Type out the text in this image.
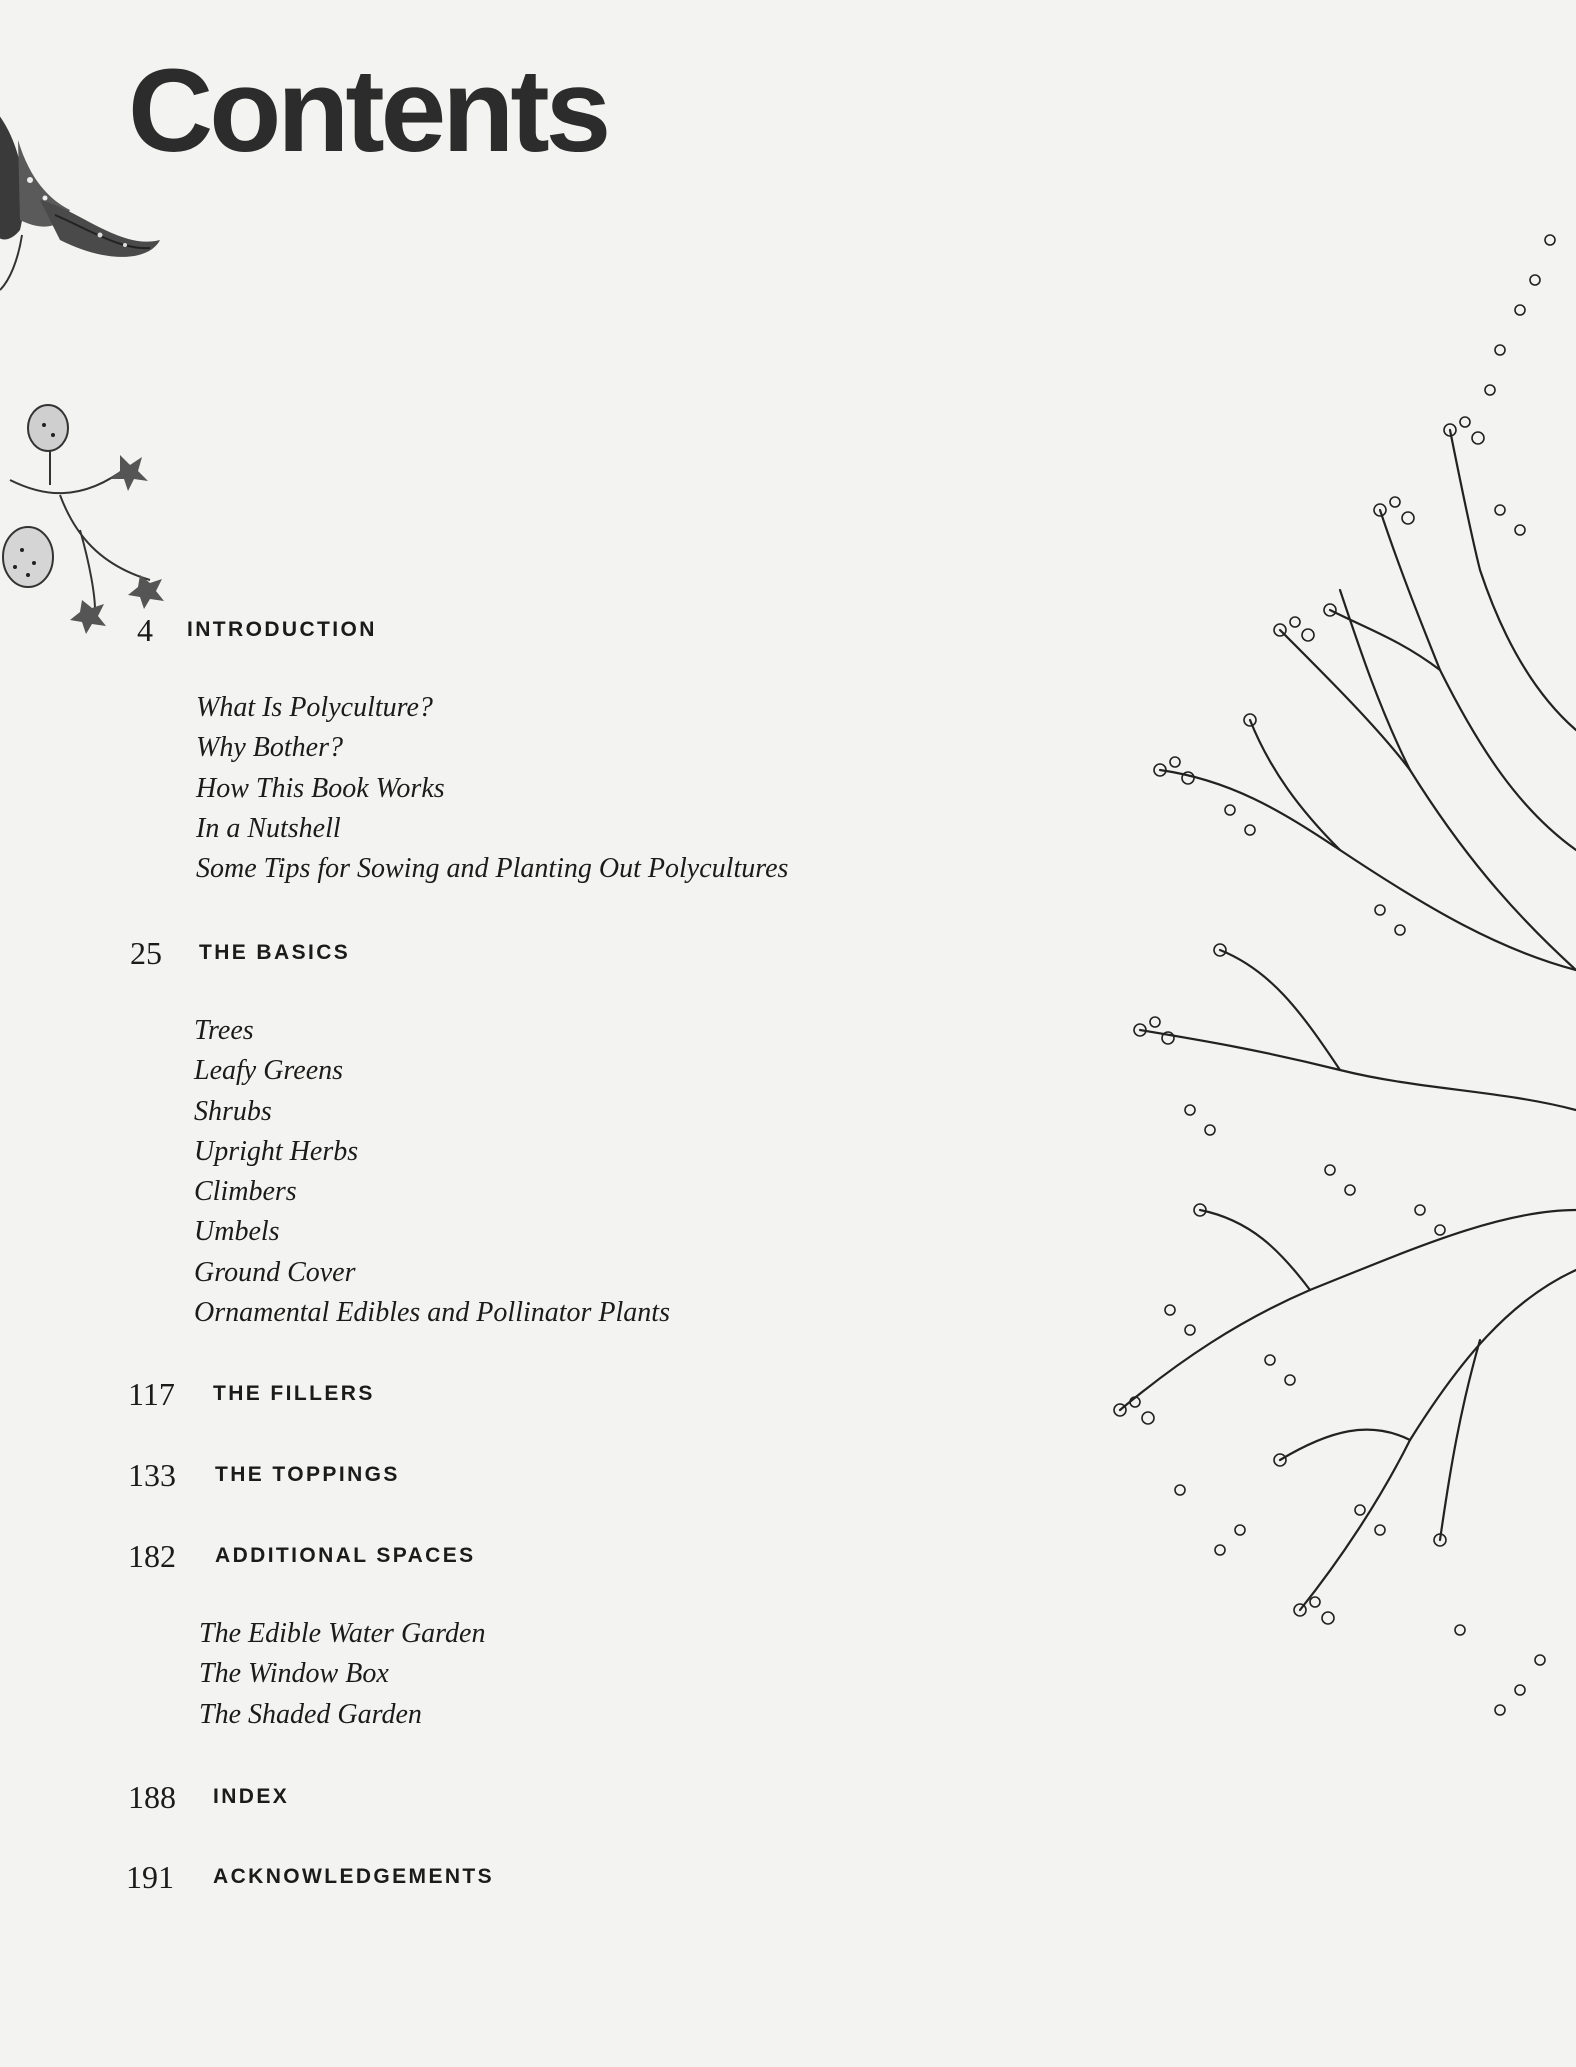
Contents
4 INTRODUCTION
What Is Polyculture?
Why Bother?
How This Book Works
In a Nutshell
Some Tips for Sowing and Planting Out Polycultures
25 THE BASICS
Trees
Leafy Greens
Shrubs
Upright Herbs
Climbers
Umbels
Ground Cover
Ornamental Edibles and Pollinator Plants
117 THE FILLERS
133 THE TOPPINGS
182 ADDITIONAL SPACES
The Edible Water Garden
The Window Box
The Shaded Garden
188 INDEX
191 ACKNOWLEDGEMENTS
